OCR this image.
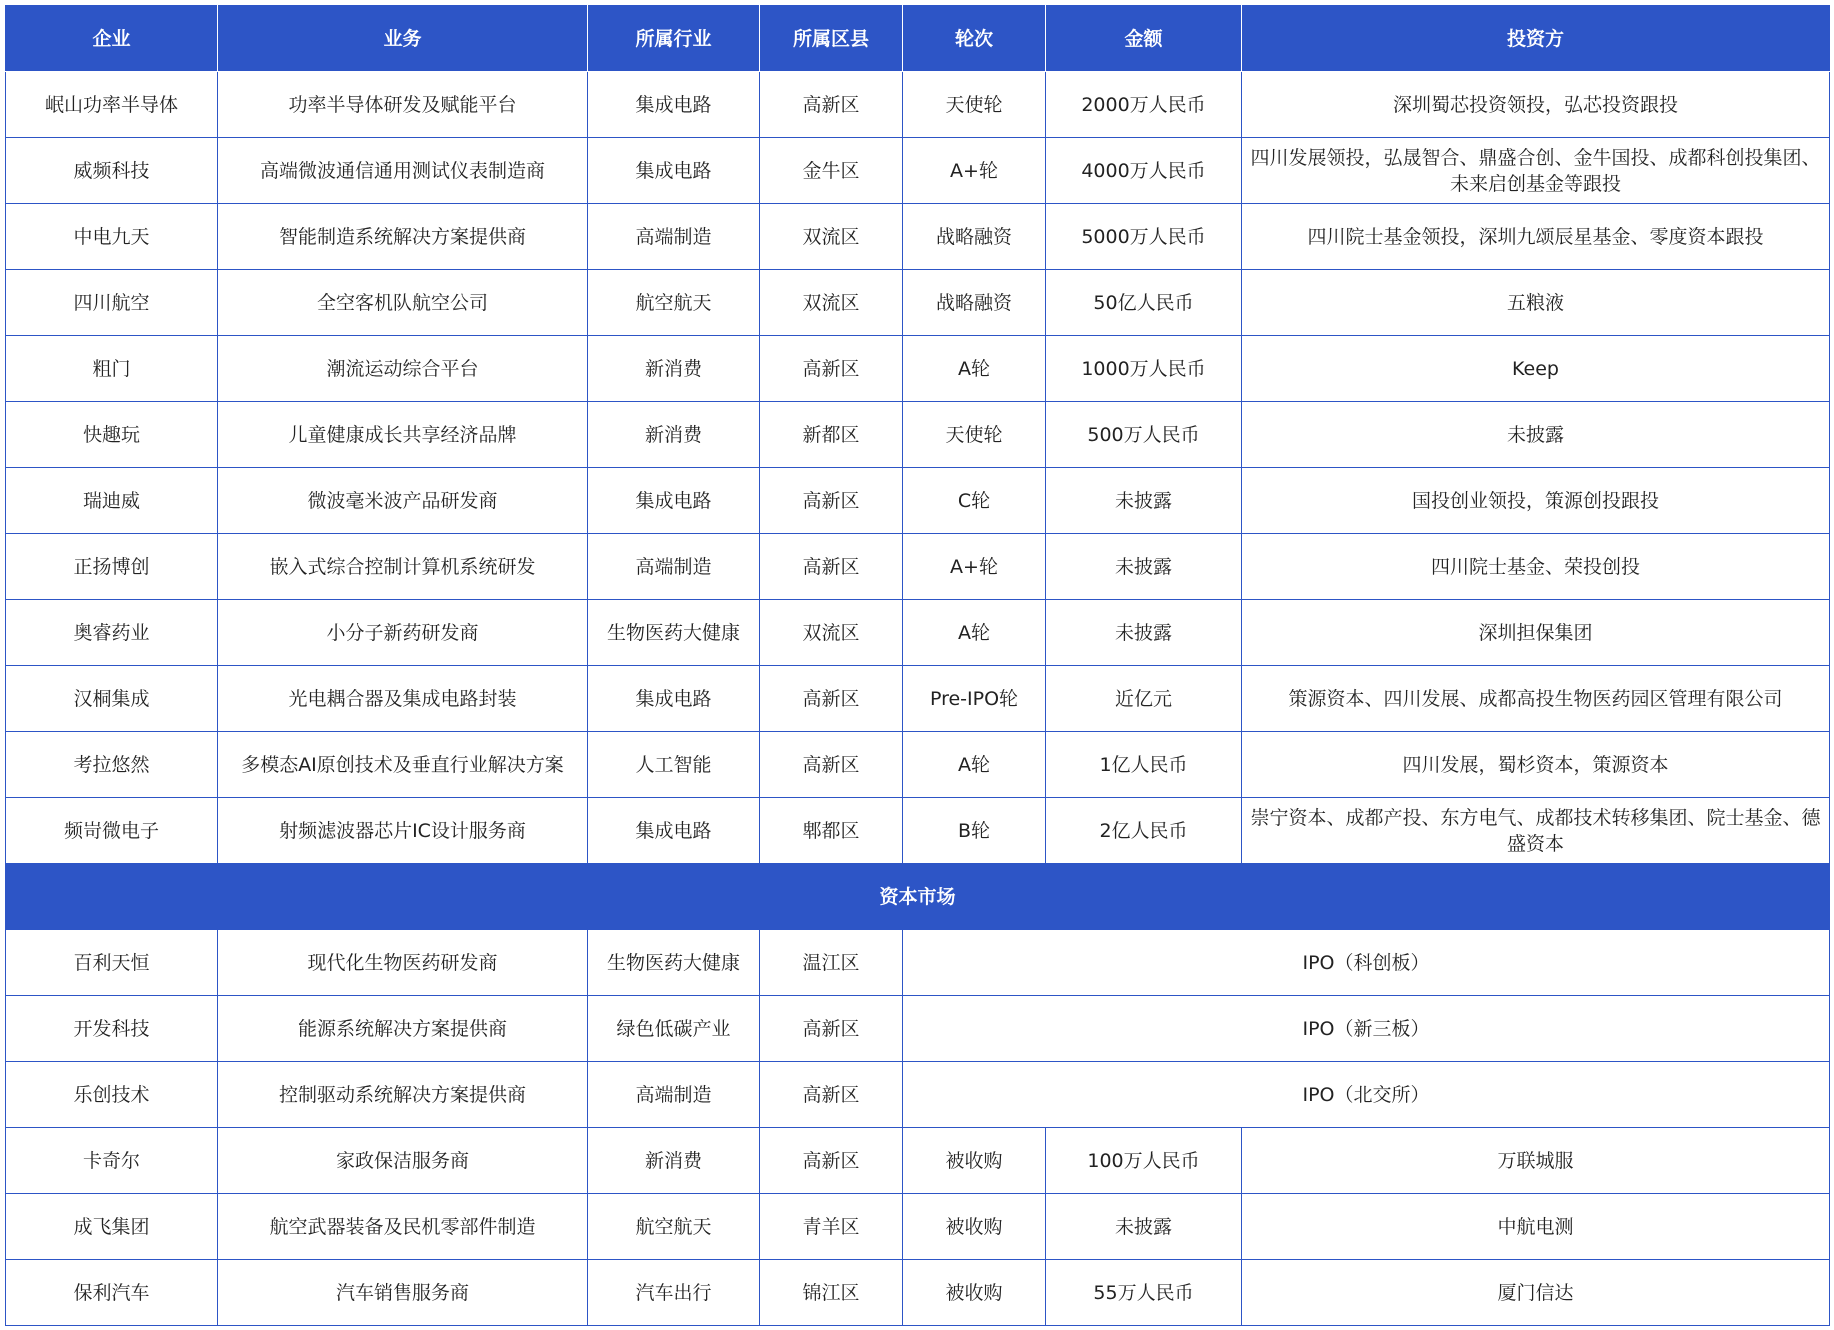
企业	业务	所属行业	所属区县	轮次	金额	投资方
岷山功率半导体	功率半导体研发及赋能平台	集成电路	高新区	天使轮	2000万人民币	深圳蜀芯投资领投，弘芯投资跟投
威频科技	高端微波通信通用测试仪表制造商	集成电路	金牛区	A+轮	4000万人民币	四川发展领投，弘晟智合、鼎盛合创、金牛国投、成都科创投集团、未来启创基金等跟投
中电九天	智能制造系统解决方案提供商	高端制造	双流区	战略融资	5000万人民币	四川院士基金领投，深圳九颂辰星基金、零度资本跟投
四川航空	全空客机队航空公司	航空航天	双流区	战略融资	50亿人民币	五粮液
粗门	潮流运动综合平台	新消费	高新区	A轮	1000万人民币	Keep
快趣玩	儿童健康成长共享经济品牌	新消费	新都区	天使轮	500万人民币	未披露
瑞迪威	微波毫米波产品研发商	集成电路	高新区	C轮	未披露	国投创业领投，策源创投跟投
正扬博创	嵌入式综合控制计算机系统研发	高端制造	高新区	A+轮	未披露	四川院士基金、荣投创投
奥睿药业	小分子新药研发商	生物医药大健康	双流区	A轮	未披露	深圳担保集团
汉桐集成	光电耦合器及集成电路封装	集成电路	高新区	Pre-IPO轮	近亿元	策源资本、四川发展、成都高投生物医药园区管理有限公司
考拉悠然	多模态AI原创技术及垂直行业解决方案	人工智能	高新区	A轮	1亿人民币	四川发展，蜀杉资本，策源资本
频岢微电子	射频滤波器芯片IC设计服务商	集成电路	郫都区	B轮	2亿人民币	崇宁资本、成都产投、东方电气、成都技术转移集团、院士基金、德盛资本
资本市场						
百利天恒	现代化生物医药研发商	生物医药大健康	温江区	IPO（科创板）		
开发科技	能源系统解决方案提供商	绿色低碳产业	高新区	IPO（新三板）		
乐创技术	控制驱动系统解决方案提供商	高端制造	高新区	IPO（北交所）		
卡奇尔	家政保洁服务商	新消费	高新区	被收购	100万人民币	万联城服
成飞集团	航空武器装备及民机零部件制造	航空航天	青羊区	被收购	未披露	中航电测
保利汽车	汽车销售服务商	汽车出行	锦江区	被收购	55万人民币	厦门信达
